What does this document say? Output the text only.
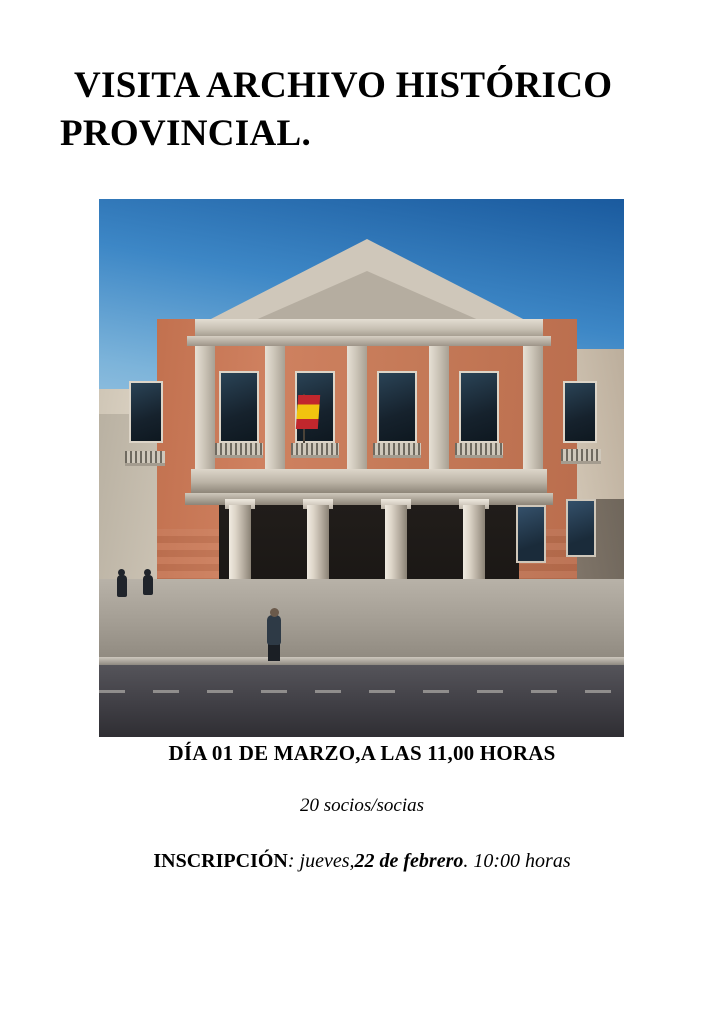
VISITA ARCHIVO HISTÓRICO
PROVINCIAL.
DÍA 01 DE MARZO,A LAS 11,00 HORAS
20 socios/socias
INSCRIPCIÓN: jueves,22 de febrero. 10:00 horas
